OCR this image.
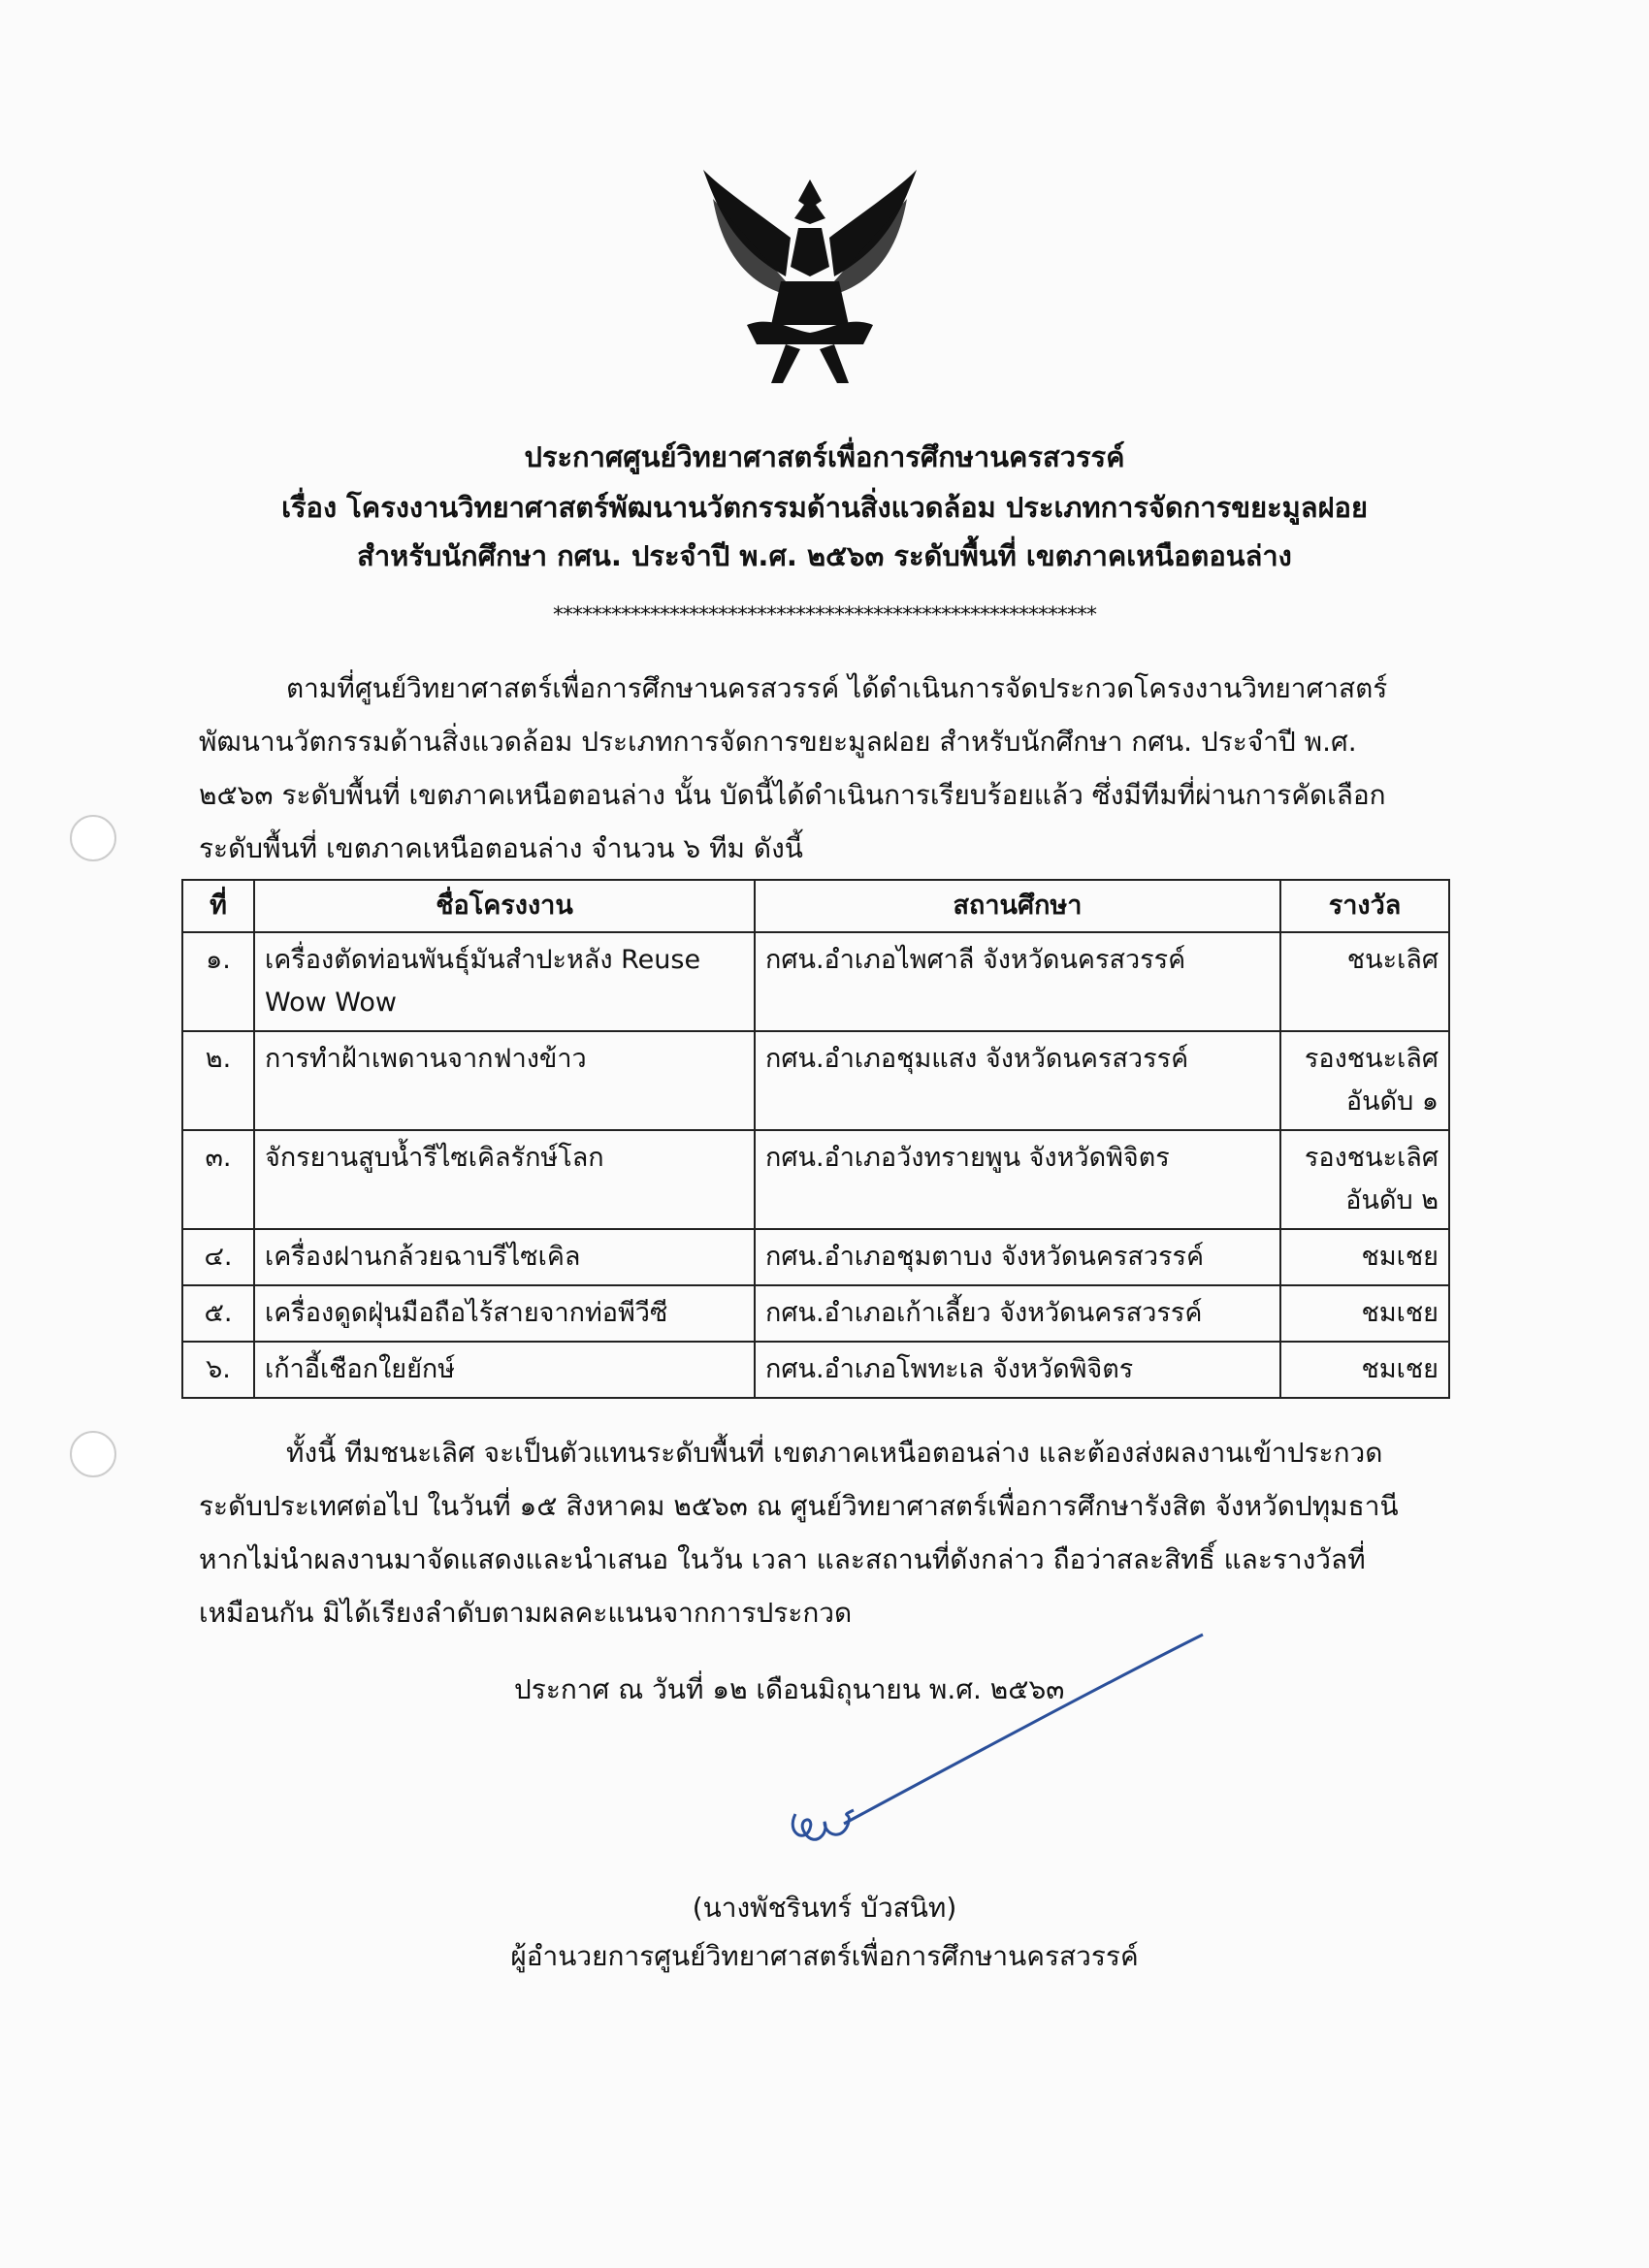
ประกาศศูนย์วิทยาศาสตร์เพื่อการศึกษานครสวรรค์
เรื่อง โครงงานวิทยาศาสตร์พัฒนานวัตกรรมด้านสิ่งแวดล้อม ประเภทการจัดการขยะมูลฝอย
สำหรับนักศึกษา กศน. ประจำปี พ.ศ. ๒๕๖๓ ระดับพื้นที่ เขตภาคเหนือตอนล่าง
********************************************************
ตามที่ศูนย์วิทยาศาสตร์เพื่อการศึกษานครสวรรค์ ได้ดำเนินการจัดประกวดโครงงานวิทยาศาสตร์
พัฒนานวัตกรรมด้านสิ่งแวดล้อม ประเภทการจัดการขยะมูลฝอย สำหรับนักศึกษา กศน. ประจำปี พ.ศ.
๒๕๖๓ ระดับพื้นที่ เขตภาคเหนือตอนล่าง นั้น บัดนี้ได้ดำเนินการเรียบร้อยแล้ว ซึ่งมีทีมที่ผ่านการคัดเลือก
ระดับพื้นที่ เขตภาคเหนือตอนล่าง จำนวน ๖ ทีม ดังนี้
ที่	ชื่อโครงงาน	สถานศึกษา	รางวัล
๑.	เครื่องตัดท่อนพันธุ์มันสำปะหลัง Reuse Wow Wow	กศน.อำเภอไพศาลี จังหวัดนครสวรรค์	ชนะเลิศ
๒.	การทำฝ้าเพดานจากฟางข้าว	กศน.อำเภอชุมแสง จังหวัดนครสวรรค์	รองชนะเลิศ อันดับ ๑
๓.	จักรยานสูบน้ำรีไซเคิลรักษ์โลก	กศน.อำเภอวังทรายพูน จังหวัดพิจิตร	รองชนะเลิศ อันดับ ๒
๔.	เครื่องฝานกล้วยฉาบรีไซเคิล	กศน.อำเภอชุมตาบง จังหวัดนครสวรรค์	ชมเชย
๕.	เครื่องดูดฝุ่นมือถือไร้สายจากท่อพีวีซี	กศน.อำเภอเก้าเลี้ยว จังหวัดนครสวรรค์	ชมเชย
๖.	เก้าอี้เชือกใยยักษ์	กศน.อำเภอโพทะเล จังหวัดพิจิตร	ชมเชย
ทั้งนี้ ทีมชนะเลิศ จะเป็นตัวแทนระดับพื้นที่ เขตภาคเหนือตอนล่าง และต้องส่งผลงานเข้าประกวด
ระดับประเทศต่อไป ในวันที่ ๑๕ สิงหาคม ๒๕๖๓ ณ ศูนย์วิทยาศาสตร์เพื่อการศึกษารังสิต จังหวัดปทุมธานี
หากไม่นำผลงานมาจัดแสดงและนำเสนอ ในวัน เวลา และสถานที่ดังกล่าว ถือว่าสละสิทธิ์ และรางวัลที่
เหมือนกัน มิได้เรียงลำดับตามผลคะแนนจากการประกวด
ประกาศ ณ วันที่ ๑๒ เดือนมิถุนายน พ.ศ. ๒๕๖๓
(นางพัชรินทร์ บัวสนิท)
ผู้อำนวยการศูนย์วิทยาศาสตร์เพื่อการศึกษานครสวรรค์
